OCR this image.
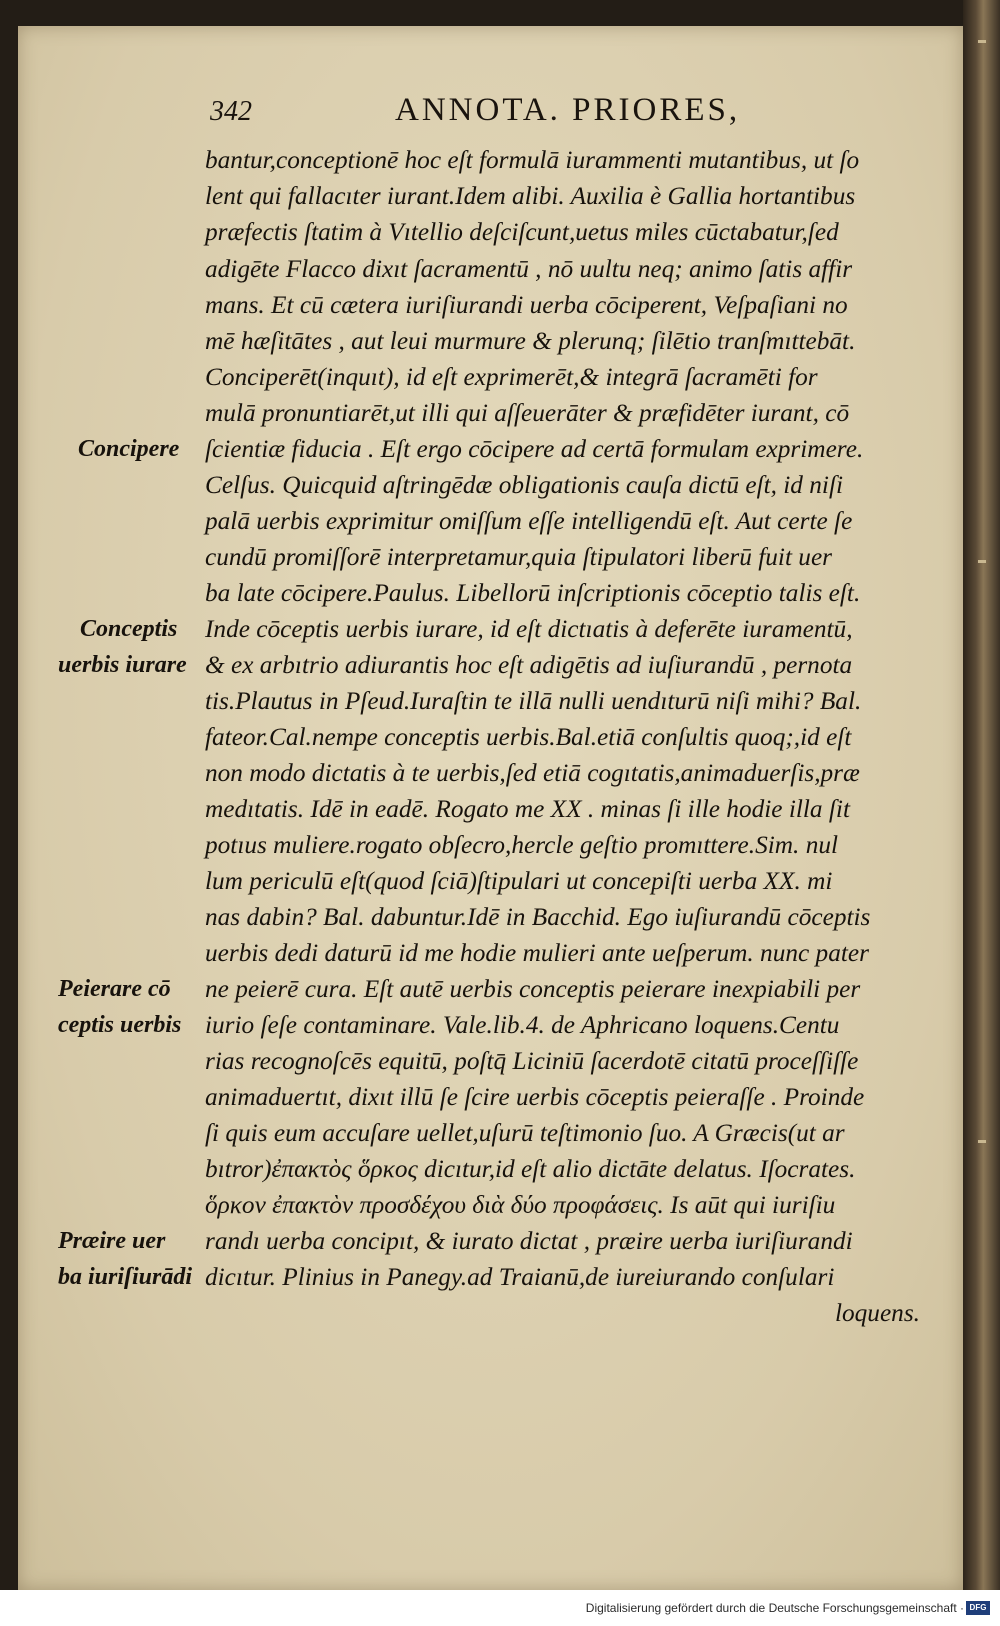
342	ANNOTA. PRIORES,
bantur,conceptionē hoc eſt formulā iurammenti mutantibus, ut ſo
lent qui fallacıter iurant.Idem alibi. Auxilia è Gallia hortantibus
præfectis ſtatim à Vıtellio deſciſcunt,uetus miles cūctabatur,ſed
adigēte Flacco dixıt ſacramentū , nō uultu neq; animo ſatis affir
mans. Et cū cætera iuriſiurandi uerba cōciperent, Veſpaſiani no
mē hæſitātes , aut leui murmure & plerunq; ſilētio tranſmıttebāt.
Conciperēt(inquıt), id eſt exprimerēt,& integrā ſacramēti for
mulā pronuntiarēt,ut illi qui aſſeuerāter & præfidēter iurant, cō
ſcientiæ fiducia . Eſt ergo cōcipere ad certā formulam exprimere.
Celſus. Quicquid aſtringēdæ obligationis cauſa dictū eſt, id niſi
palā uerbis exprimitur omiſſum eſſe intelligendū eſt. Aut certe ſe
cundū promiſſorē interpretamur,quia ſtipulatori liberū fuit uer
ba late cōcipere.Paulus. Libellorū inſcriptionis cōceptio talis eſt.
Inde cōceptis uerbis iurare, id eſt dictıatis à deferēte iuramentū,
& ex arbıtrio adiurantis hoc eſt adigētis ad iuſiurandū , pernota
tis.Plautus in Pſeud.Iuraſtin te illā nulli uendıturū niſi mihi? Bal.
fateor.Cal.nempe conceptis uerbis.Bal.etiā conſultis quoq;,id eſt
non modo dictatis à te uerbis,ſed etiā cogıtatis,animaduerſis,præ
medıtatis. Idē in eadē. Rogato me XX . minas ſi ille hodie illa ſit
potıus muliere.rogato obſecro,hercle geſtio promıttere.Sim. nul
lum periculū eſt(quod ſciā)ſtipulari ut concepiſti uerba XX. mi
nas dabin? Bal. dabuntur.Idē in Bacchid. Ego iuſiurandū cōceptis
uerbis dedi daturū id me hodie mulieri ante ueſperum. nunc pater
ne peierē cura. Eſt autē uerbis conceptis peierare inexpiabili per
iurio ſeſe contaminare. Vale.lib.4. de Aphricano loquens.Centu
rias recognoſcēs equitū, poſtq̄ Liciniū ſacerdotē citatū proceſſiſſe
animaduertıt, dixıt illū ſe ſcire uerbis cōceptis peieraſſe . Proinde
ſi quis eum accuſare uellet,uſurū teſtimonio ſuo. A Græcis(ut ar
bıtror)ἐπακτὸς ὅρκος dicıtur,id eſt alio dictāte delatus. Iſocrates.
ὅρκον ἐπακτὸν προσδέχου διὰ δύο προφάσεις. Is aūt qui iuriſiu
randı uerba concipıt, & iurato dictat , præire uerba iuriſiurandi
dicıtur. Plinius in Panegy.ad Traianū,de iureiurando conſulari
loquens.
Concipere
Conceptis
uerbis iurare
Peierare cō
ceptis uerbis
Præire uer
ba iuriſiurādi
Digitalisierung gefördert durch die Deutsche Forschungsgemeinschaft · DFG
